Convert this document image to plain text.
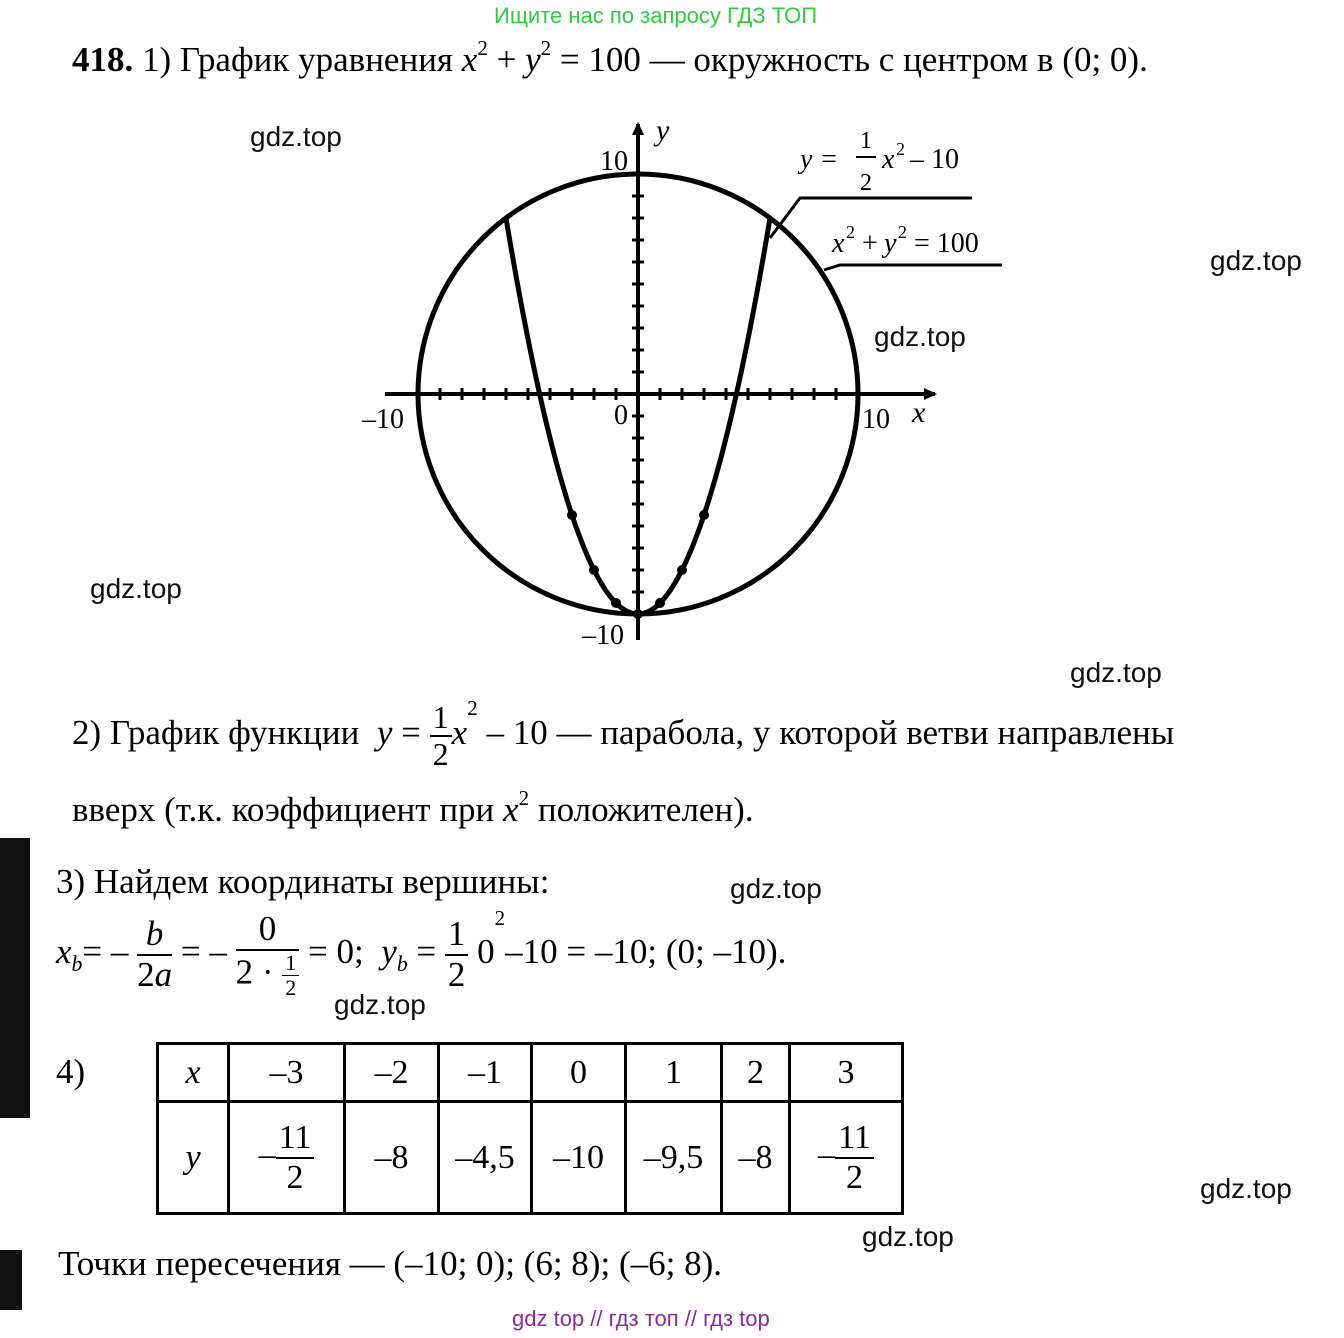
Ищите нас по запросу ГДЗ ТОП
418. 1) График уравнения $x^2 + y^2 = 100$ — окружность с центром в (0; 0).
y
x
0
10
–10
–10	10
y =
1
2
x 2 – 10
x 2 + y 2 = 100
gdz.top
gdz.top
gdz.top
gdz.top
gdz.top
gdz.top
gdz.top
gdz.top
gdz.top
2) График функции $y = \frac{1}{2} x^2 - 10$ — парабола, у которой ветви направлены
вверх (т.к. коэффициент при $x^2$ положителен).
3) Найдем координаты вершины:
$x_b= - \frac{b}{2a}$ = – $\frac{0}{2 \cdot \frac{1}{2}} = 0$; $y_b = \frac{1}{2} 0^2-10 = -10$; (0; –10).
4)	x	–3	–2	–1	0	1	2	3
y	– $\frac{11}{2}$	–8	–4,5	–10	–9,5	–8	– $\frac{11}{2}$
Точки пересечения — (–10; 0); (6; 8); (–6; 8).
gdz top // гдз топ // гдз top
